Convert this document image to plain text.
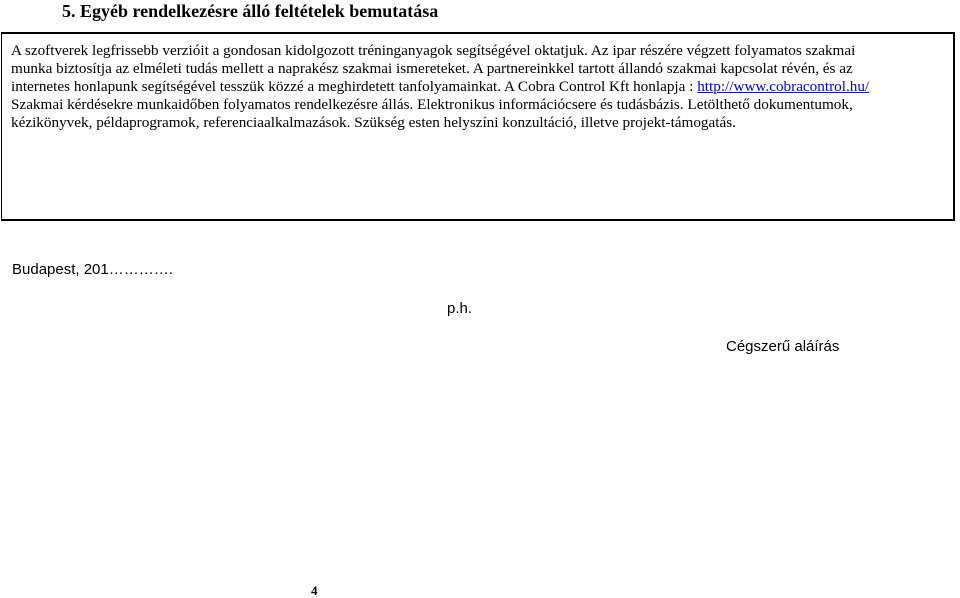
5. Egyéb rendelkezésre álló feltételek bemutatása
A szoftverek legfrissebb verzióit a gondosan kidolgozott tréninganyagok segítségével oktatjuk. Az ipar részére végzett folyamatos szakmai
munka biztosítja az elméleti tudás mellett a naprakész szakmai ismereteket. A partnereinkkel tartott állandó szakmai kapcsolat révén, és az
internetes honlapunk segítségével tesszük közzé a meghirdetett tanfolyamainkat. A Cobra Control Kft honlapja : http://www.cobracontrol.hu/
Szakmai kérdésekre munkaidőben folyamatos rendelkezésre állás. Elektronikus információcsere és tudásbázis. Letölthető dokumentumok,
kézikönyvek, példaprogramok, referenciaalkalmazások. Szükség esten helyszíni konzultáció, illetve projekt-támogatás.
Budapest, 201………….
p.h.
Cégszerű aláírás
4
